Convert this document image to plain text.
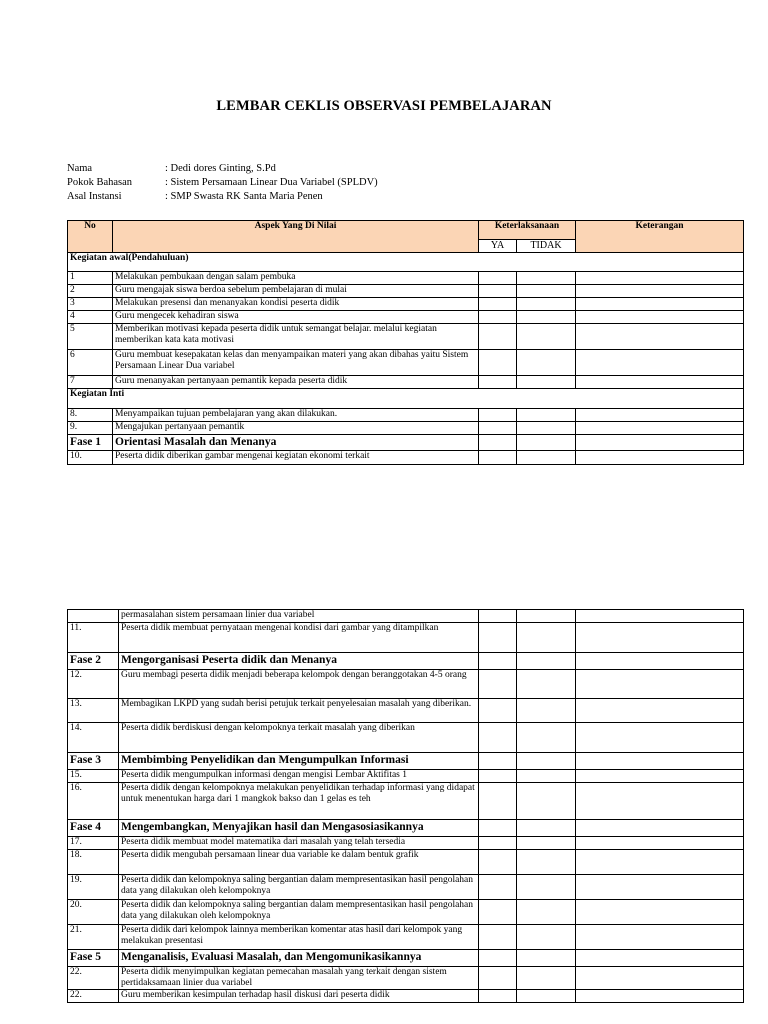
LEMBAR CEKLIS OBSERVASI PEMBELAJARAN
Nama	: Dedi dores Ginting, S.Pd
Pokok Bahasan	: Sistem Persamaan Linear Dua Variabel (SPLDV)
Asal Instansi	: SMP Swasta RK Santa Maria Penen
No	Aspek Yang Di Nilai	Keterlaksanaan		Keterangan
		YA	TIDAK	
Kegiatan awal(Pendahuluan)				
1	Melakukan pembukaan dengan salam pembuka			
2	Guru mengajak siswa berdoa sebelum pembelajaran di mulai			
3	Melakukan presensi dan menanyakan kondisi peserta didik			
4	Guru mengecek kehadiran siswa			
5	Memberikan motivasi kepada peserta didik untuk semangat belajar. melalui kegiatan memberikan kata kata motivasi			
6	Guru membuat kesepakatan kelas dan menyampaikan materi yang akan dibahas yaitu Sistem Persamaan Linear Dua variabel			
7	Guru menanyakan pertanyaan pemantik kepada peserta didik			
Kegiatan Inti				
8.	Menyampaikan tujuan pembelajaran yang akan dilakukan.			
9.	Mengajukan pertanyaan pemantik			
Fase 1	Orientasi Masalah dan Menanya			
10.	Peserta didik diberikan gambar mengenai kegiatan ekonomi terkait			
	permasalahan sistem persamaan linier dua variabel			
11.	Peserta didik membuat pernyataan mengenai kondisi dari gambar yang ditampilkan			
Fase 2	Mengorganisasi Peserta didik dan Menanya			
12.	Guru membagi peserta didik menjadi beberapa kelompok dengan beranggotakan 4-5 orang			
13.	Membagikan LKPD yang sudah berisi petujuk terkait penyelesaian masalah yang diberikan.			
14.	Peserta didik berdiskusi dengan kelompoknya terkait masalah yang diberikan			
Fase 3	Membimbing Penyelidikan dan Mengumpulkan Informasi			
15.	Peserta didik mengumpulkan informasi dengan mengisi Lembar Aktifitas 1			
16.	Peserta didik dengan kelompoknya melakukan penyelidikan terhadap informasi yang didapat untuk menentukan harga dari 1 mangkok bakso dan 1 gelas es teh			
Fase 4	Mengembangkan, Menyajikan hasil dan Mengasosiasikannya			
17.	Peserta didik membuat model matematika dari masalah yang telah tersedia			
18.	Peserta didik mengubah persamaan linear dua variable ke dalam bentuk grafik			
19.	Peserta didik dan kelompoknya saling bergantian dalam mempresentasikan hasil pengolahan data yang dilakukan oleh kelompoknya			
20.	Peserta didik dan kelompoknya saling bergantian dalam mempresentasikan hasil pengolahan data yang dilakukan oleh kelompoknya			
21.	Peserta didik dari kelompok lainnya memberikan komentar atas hasil dari kelompok yang melakukan presentasi			
Fase 5	Menganalisis, Evaluasi Masalah, dan Mengomunikasikannya			
22.	Peserta didik menyimpulkan kegiatan pemecahan masalah yang terkait dengan sistem pertidaksamaan linier dua variabel			
22.	Guru memberikan kesimpulan terhadap hasil diskusi dari peserta didik			
